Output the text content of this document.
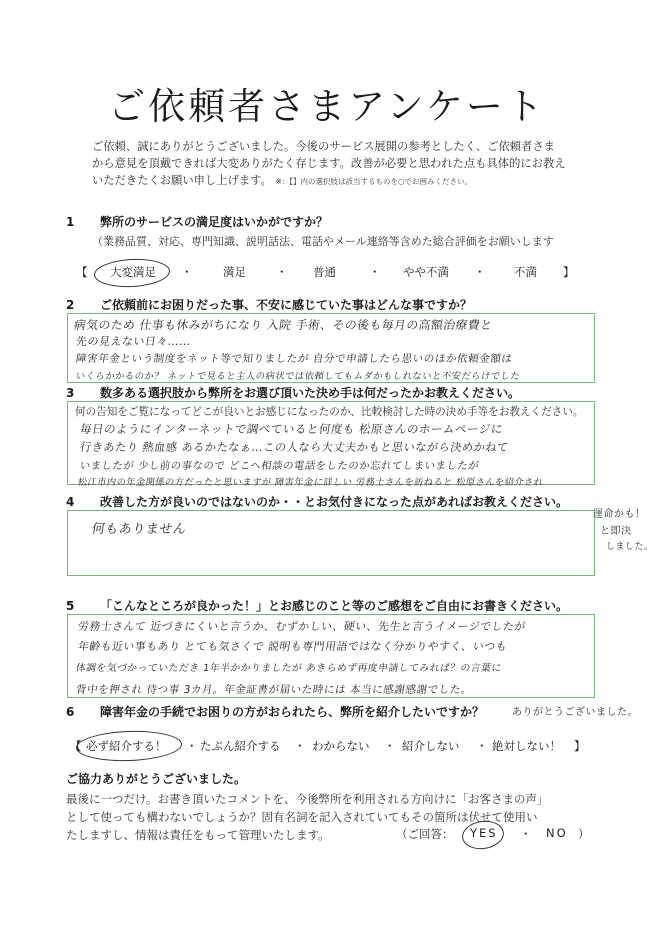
ご依頼者さまアンケート
ご依頼、誠にありがとうございました。今後のサービス展開の参考としたく、ご依頼者さま
から意見を頂戴できれば大変ありがたく存じます。改善が必要と思われた点も具体的にお教え
いただきたくお願い申し上げます。 ※：【】内の選択肢は該当するものを○でお囲みください。
1 弊所のサービスの満足度はいかがですか？
（業務品質、対応、専門知識、説明話法、電話やメール連絡等含めた総合評価をお願いします
【 大変満足 ・	満足	・ 普通	・ やや不満 ・ 不満 】
2 ご依頼前にお困りだった事、不安に感じていた事はどんな事ですか？
病気のため 仕事も休みがちになり 入院 手術、その後も毎月の高額治療費と
先の見えない日々……
障害年金という制度をネット等で知りましたが 自分で申請したら思いのほか依頼金額は
いくらかかるのか？ ネットで見ると主人の病状では依頼してもムダかもしれないと不安だらけでした
3 数多ある選択肢から弊所をお選び頂いた決め手は何だったかお教えください。
何の告知をご覧になってどこが良いとお感じになったのか、比較検討した時の決め手等をお教えください。
毎日のようにインターネットで調べていると何度も 松原さんのホームページに
行きあたり 熱血感 あるかたなぁ…この人なら大丈夫かもと思いながら決めかねて
いましたが 少し前の事なので どこへ相談の電話をしたのか忘れてしまいましたが
松江市内の年金関係の方だったと思いますが 障害年金に詳しい 労務士さんを訪ねると 松原さんを紹介され
4 改善した方が良いのではないのか・・とお気付きになった点があればお教えください。
何もありません
運命かも！
と即決
しました。
5 「こんなところが良かった！」とお感じのこと等のご感想をご自由にお書きください。
労務士さんて 近づきにくいと言うか、むずかしい、硬い、先生と言うイメージでしたが
年齢も近い事もあり とても気さくで 説明も専門用語ではなく分かりやすく、いつも
体調を気づかっていただき 1年半かかりましたが あきらめず再度申請してみれば？の言葉に
背中を押され 待つ事 3カ月。年金証書が届いた時には 本当に感謝感謝でした。
ありがとうございました。
6 障害年金の手続でお困りの方がおられたら、弊所を紹介したいですか？
【 必ず紹介する！ ・ たぶん紹介する ・ わからない ・ 紹介しない ・ 絶対しない！ 】
ご協力ありがとうございました。
最後に一つだけ。お書き頂いたコメントを、今後弊所を利用される方向けに「お客さまの声」
として使っても構わないでしょうか？固有名詞を記入されていてもその箇所は伏せて使用い
たしますし、情報は責任をもって管理いたします。	（ご回答： YES ・ NO ）
